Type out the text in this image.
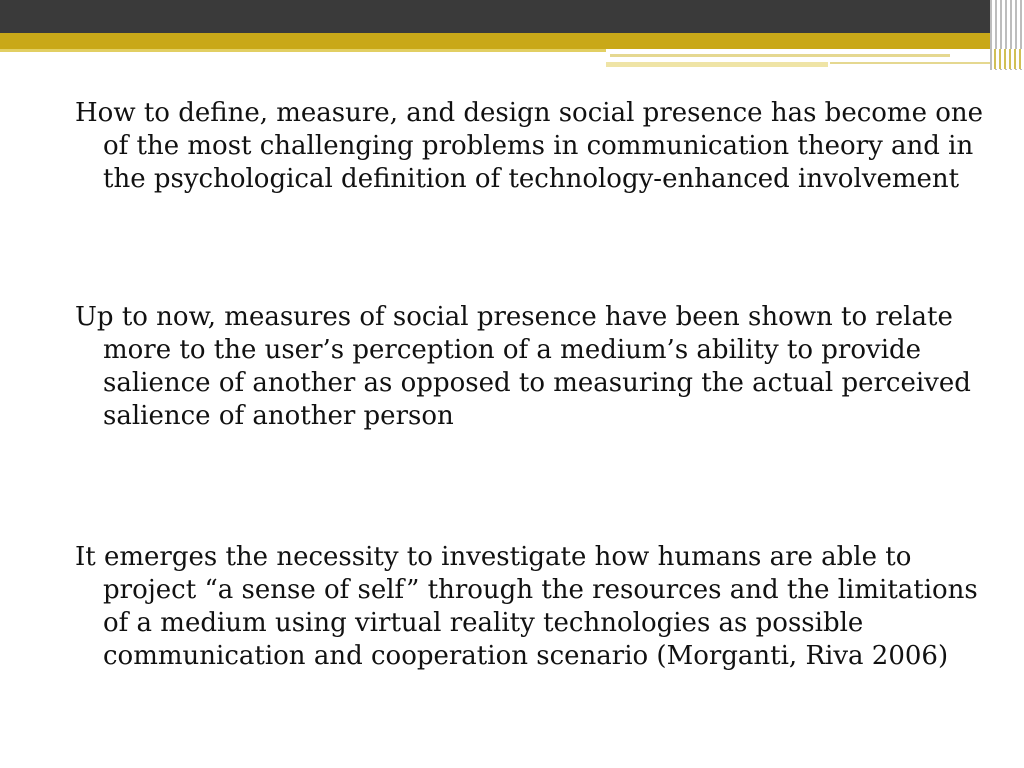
How to define, measure, and design social presence has become one of the most challenging problems in communication theory and in the psychological definition of technology-enhanced involvement

Up to now, measures of social presence have been shown to relate more to the user’s perception of a medium’s ability to provide salience of another as opposed to measuring the actual perceived salience of another person

It emerges the necessity to investigate how humans are able to project “a sense of self” through the resources and the limitations of a medium using virtual reality technologies as possible communication and cooperation scenario (Morganti, Riva 2006)
